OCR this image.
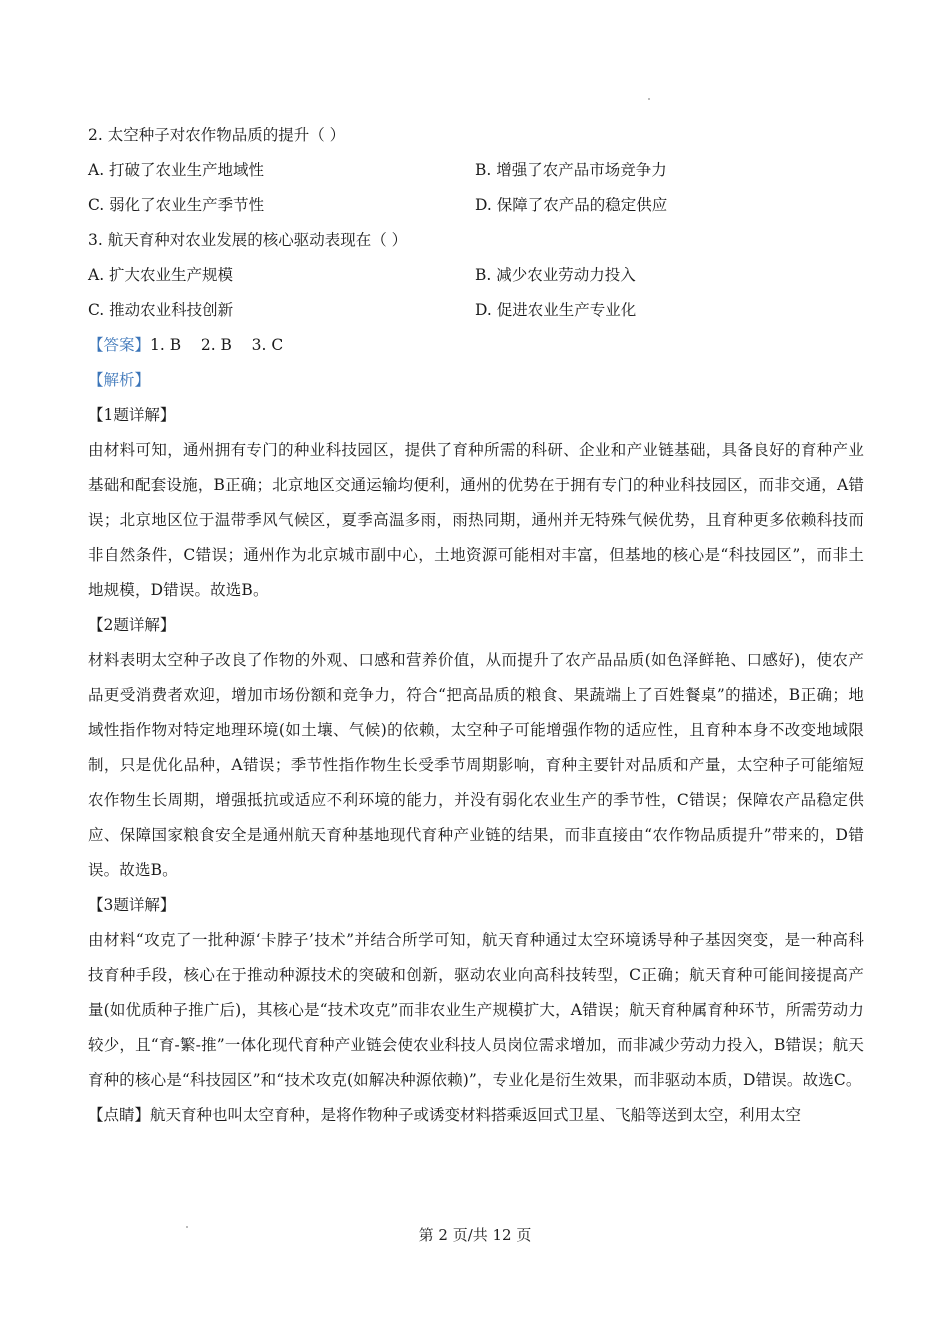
2. 太空种子对农作物品质的提升（ ）
A. 打破了农业生产地域性	B. 增强了农产品市场竞争力
C. 弱化了农业生产季节性	D. 保障了农产品的稳定供应
3. 航天育种对农业发展的核心驱动表现在（ ）
A. 扩大农业生产规模	B. 减少农业劳动力投入
C. 推动农业科技创新	D. 促进农业生产专业化
【答案】1. B    2. B    3. C
【解析】
【1题详解】
由材料可知，通州拥有专门的种业科技园区，提供了育种所需的科研、企业和产业链基础，具备良好的育种产业基础和配套设施，B正确；北京地区交通运输均便利，通州的优势在于拥有专门的种业科技园区，而非交通，A错误；北京地区位于温带季风气候区，夏季高温多雨，雨热同期，通州并无特殊气候优势，且育种更多依赖科技而非自然条件，C错误；通州作为北京城市副中心，土地资源可能相对丰富，但基地的核心是“科技园区”，而非土地规模，D错误。故选B。
【2题详解】
材料表明太空种子改良了作物的外观、口感和营养价值，从而提升了农产品品质(如色泽鲜艳、口感好)，使农产品更受消费者欢迎，增加市场份额和竞争力，符合“把高品质的粮食、果蔬端上了百姓餐桌”的描述，B正确；地域性指作物对特定地理环境(如土壤、气候)的依赖，太空种子可能增强作物的适应性，且育种本身不改变地域限制，只是优化品种，A错误；季节性指作物生长受季节周期影响，育种主要针对品质和产量，太空种子可能缩短农作物生长周期，增强抵抗或适应不利环境的能力，并没有弱化农业生产的季节性，C错误；保障农产品稳定供应、保障国家粮食安全是通州航天育种基地现代育种产业链的结果，而非直接由“农作物品质提升”带来的，D错误。故选B。
【3题详解】
由材料“攻克了一批种源‘卡脖子’技术”并结合所学可知，航天育种通过太空环境诱导种子基因突变，是一种高科技育种手段，核心在于推动种源技术的突破和创新，驱动农业向高科技转型，C正确；航天育种可能间接提高产量(如优质种子推广后)，其核心是“技术攻克”而非农业生产规模扩大，A错误；航天育种属育种环节，所需劳动力较少，且“育-繁-推”一体化现代育种产业链会使农业科技人员岗位需求增加，而非减少劳动力投入，B错误；航天育种的核心是“科技园区”和“技术攻克(如解决种源依赖)”，专业化是衍生效果，而非驱动本质，D错误。故选C。
【点睛】航天育种也叫太空育种，是将作物种子或诱变材料搭乘返回式卫星、飞船等送到太空，利用太空
第 2 页/共 12 页
